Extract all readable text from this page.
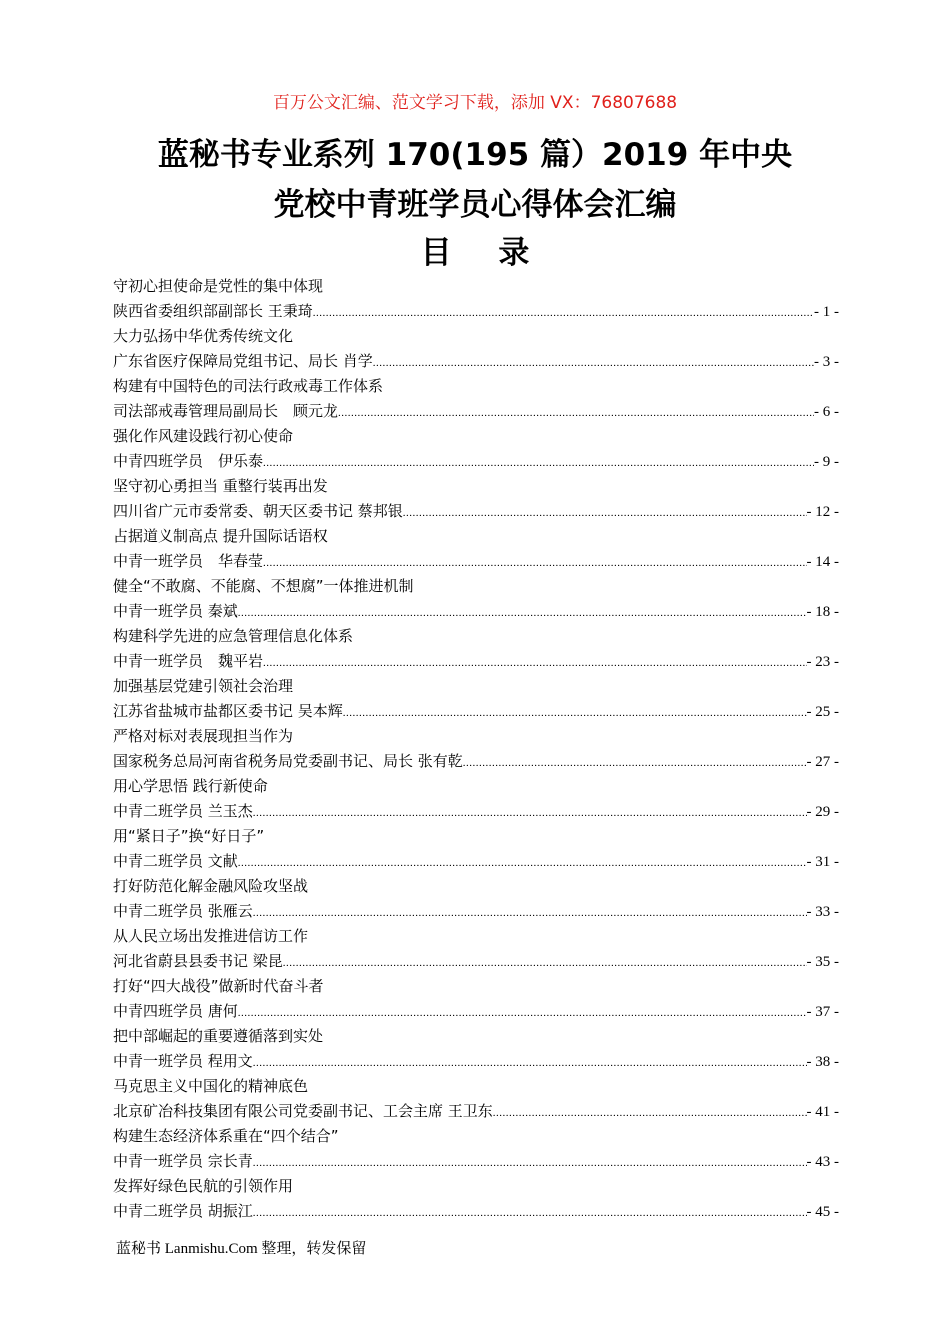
百万公文汇编、范文学习下载，添加 VX：76807688
蓝秘书专业系列 170(195 篇）2019 年中央
党校中青班学员心得体会汇编
目 录
守初心担使命是党性的集中体现
陕西省委组织部副部长 王秉琦 .....	- 1 -
大力弘扬中华优秀传统文化
广东省医疗保障局党组书记、局长 肖学 .....	- 3 -
构建有中国特色的司法行政戒毒工作体系
司法部戒毒管理局副局长　顾元龙 .....	- 6 -
强化作风建设践行初心使命
中青四班学员　伊乐泰 .....	- 9 -
坚守初心勇担当 重整行装再出发
四川省广元市委常委、朝天区委书记 蔡邦银 .....	- 12 -
占据道义制高点 提升国际话语权
中青一班学员　华春莹 .....	- 14 -
健全“不敢腐、不能腐、不想腐”一体推进机制
中青一班学员 秦斌 .....	- 18 -
构建科学先进的应急管理信息化体系
中青一班学员　魏平岩 .....	- 23 -
加强基层党建引领社会治理
江苏省盐城市盐都区委书记 吴本辉 .....	- 25 -
严格对标对表展现担当作为
国家税务总局河南省税务局党委副书记、局长 张有乾 .....	- 27 -
用心学思悟 践行新使命
中青二班学员 兰玉杰 .....	- 29 -
用“紧日子”换“好日子”
中青二班学员 文献 .....	- 31 -
打好防范化解金融风险攻坚战
中青二班学员 张雁云 .....	- 33 -
从人民立场出发推进信访工作
河北省蔚县县委书记 梁昆 .....	- 35 -
打好“四大战役”做新时代奋斗者
中青四班学员 唐何 .....	- 37 -
把中部崛起的重要遵循落到实处
中青一班学员 程用文 .....	- 38 -
马克思主义中国化的精神底色
北京矿冶科技集团有限公司党委副书记、工会主席 王卫东 .....	- 41 -
构建生态经济体系重在“四个结合”
中青一班学员 宗长青 .....	- 43 -
发挥好绿色民航的引领作用
中青二班学员 胡振江 .....	- 45 -
蓝秘书 Lanmishu.Com 整理，转发保留
